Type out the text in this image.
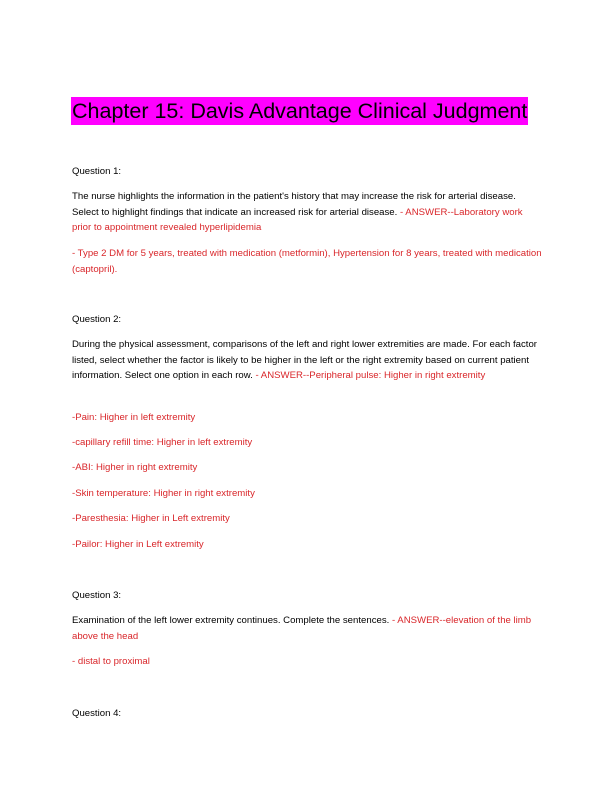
Chapter 15: Davis Advantage Clinical Judgment
Question 1:
The nurse highlights the information in the patient's history that may increase the risk for arterial disease. Select to highlight findings that indicate an increased risk for arterial disease. - ANSWER--Laboratory work prior to appointment revealed hyperlipidemia
- Type 2 DM for 5 years, treated with medication (metformin), Hypertension for 8 years, treated with medication (captopril).
Question 2:
During the physical assessment, comparisons of the left and right lower extremities are made. For each factor listed, select whether the factor is likely to be higher in the left or the right extremity based on current patient information. Select one option in each row. - ANSWER--Peripheral pulse: Higher in right extremity
-Pain: Higher in left extremity
-capillary refill time: Higher in left extremity
-ABI: Higher in right extremity
-Skin temperature: Higher in right extremity
-Paresthesia: Higher in Left extremity
-Pailor: Higher in Left extremity
Question 3:
Examination of the left lower extremity continues. Complete the sentences. - ANSWER--elevation of the limb above the head
- distal to proximal
Question 4:
